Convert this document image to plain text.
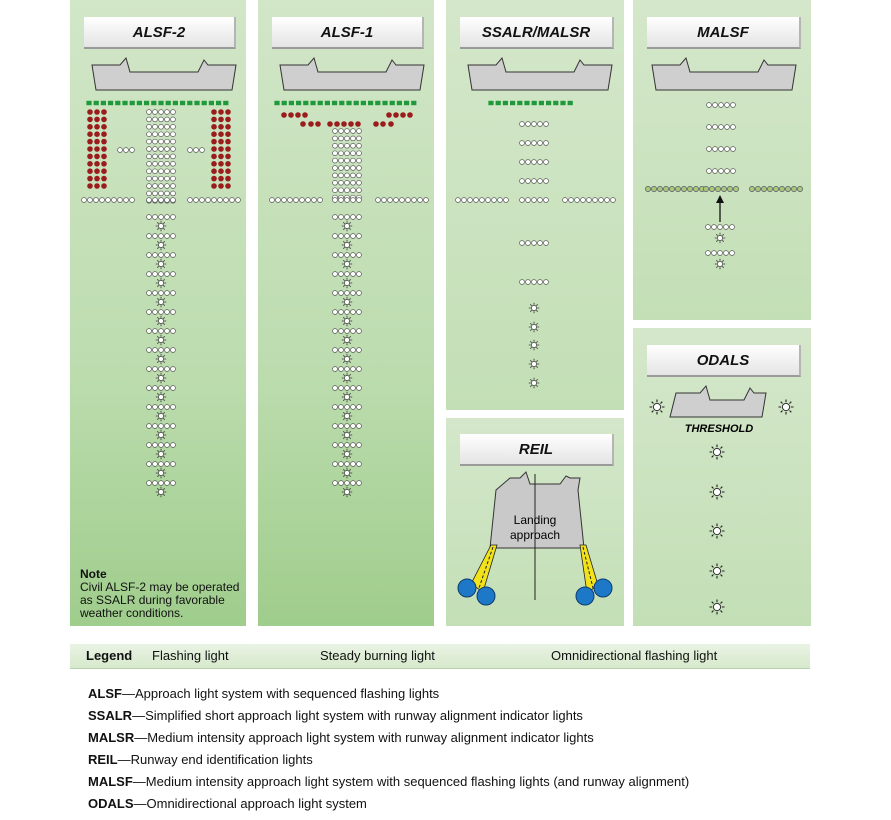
ALSF-2	ALSF-1	SSALR/MALSR	MALSF
REIL
ODALS
Landing
approach
THRESHOLD
Note
Civil ALSF-2 may be operated as SSALR during favorable weather conditions.
Legend Flashing light	Steady burning light	Omnidirectional flashing light
ALSF—Approach light system with sequenced flashing lights
SSALR—Simplified short approach light system with runway alignment indicator lights
MALSR—Medium intensity approach light system with runway alignment indicator lights
REIL—Runway end identification lights
MALSF—Medium intensity approach light system with sequenced flashing lights (and runway alignment)
ODALS—Omnidirectional approach light system
